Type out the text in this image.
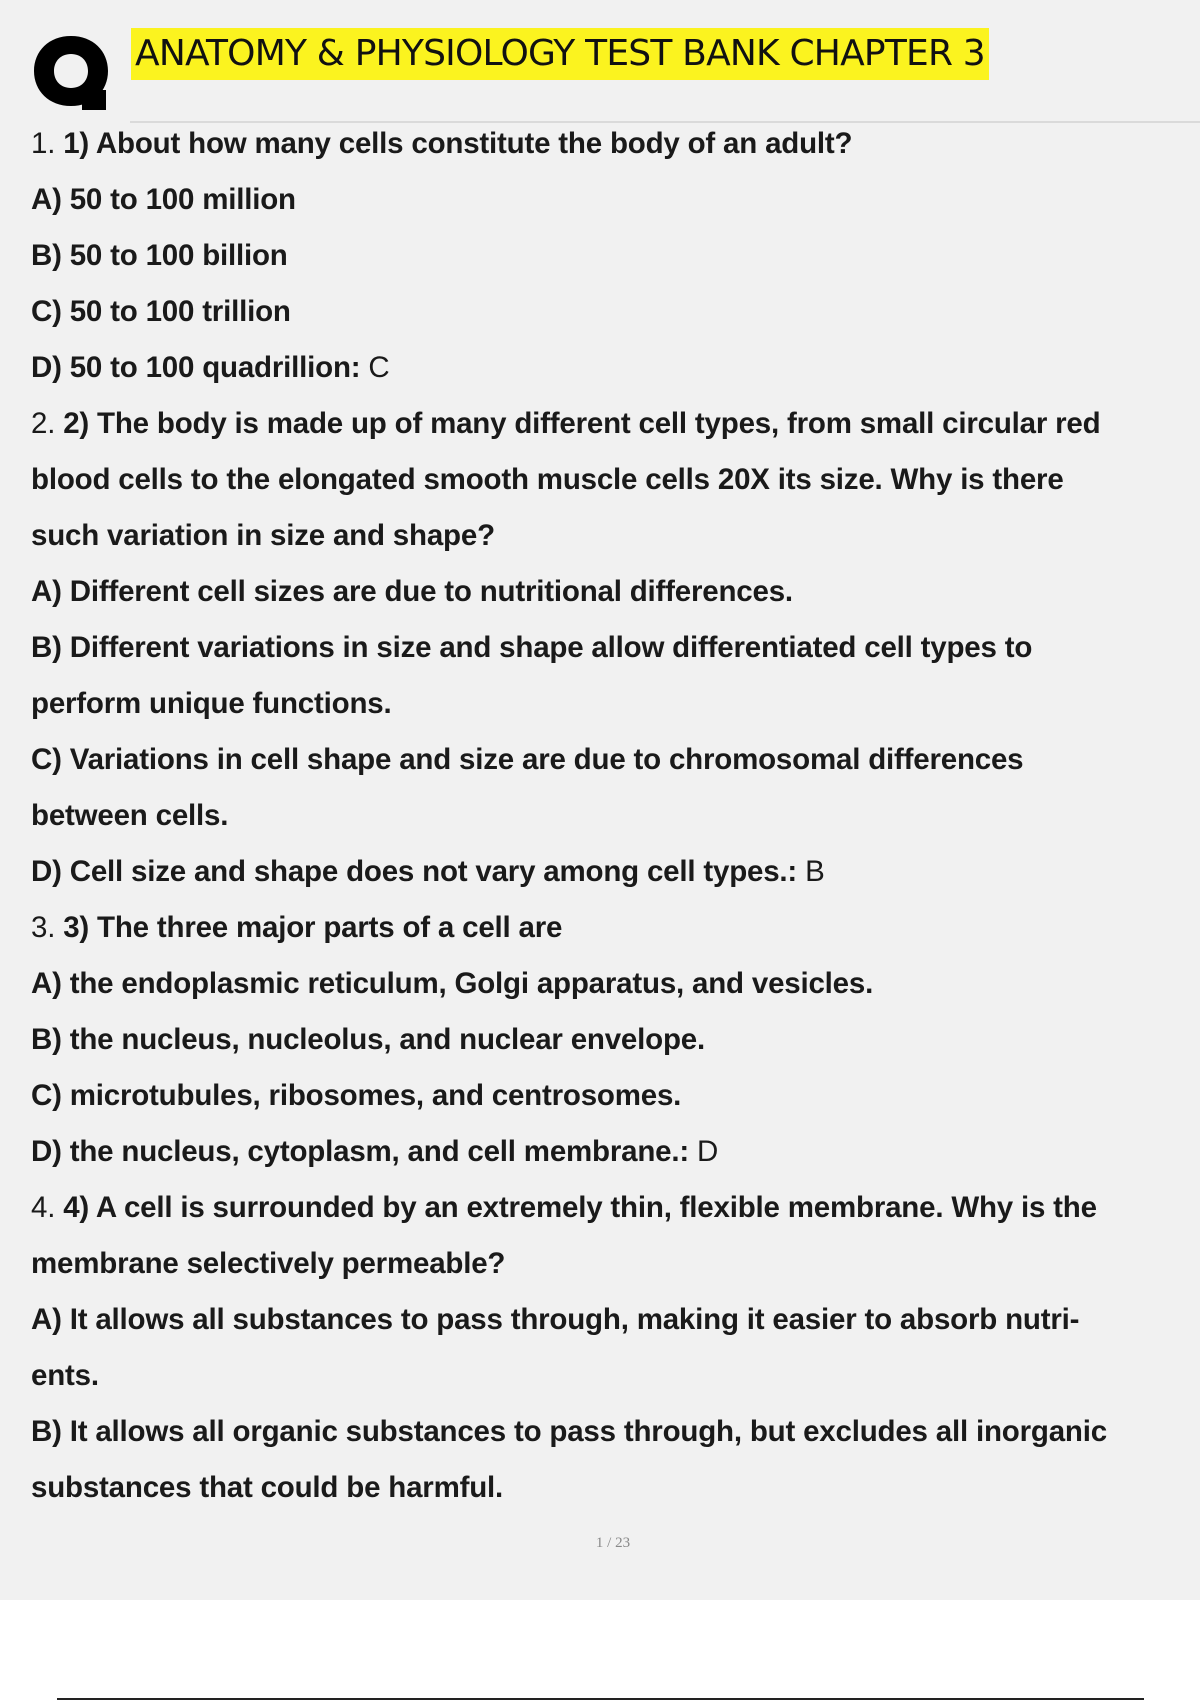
ANATOMY & PHYSIOLOGY TEST BANK CHAPTER 3
1. 1) About how many cells constitute the body of an adult?
A) 50 to 100 million
B) 50 to 100 billion
C) 50 to 100 trillion
D) 50 to 100 quadrillion: C
2. 2) The body is made up of many different cell types, from small circular red
blood cells to the elongated smooth muscle cells 20X its size. Why is there
such variation in size and shape?
A) Different cell sizes are due to nutritional differences.
B) Different variations in size and shape allow differentiated cell types to
perform unique functions.
C) Variations in cell shape and size are due to chromosomal differences
between cells.
D) Cell size and shape does not vary among cell types.: B
3. 3) The three major parts of a cell are
A) the endoplasmic reticulum, Golgi apparatus, and vesicles.
B) the nucleus, nucleolus, and nuclear envelope.
C) microtubules, ribosomes, and centrosomes.
D) the nucleus, cytoplasm, and cell membrane.: D
4. 4) A cell is surrounded by an extremely thin, flexible membrane. Why is the
membrane selectively permeable?
A) It allows all substances to pass through, making it easier to absorb nutri-
ents.
B) It allows all organic substances to pass through, but excludes all inorganic
substances that could be harmful.
1 / 23
